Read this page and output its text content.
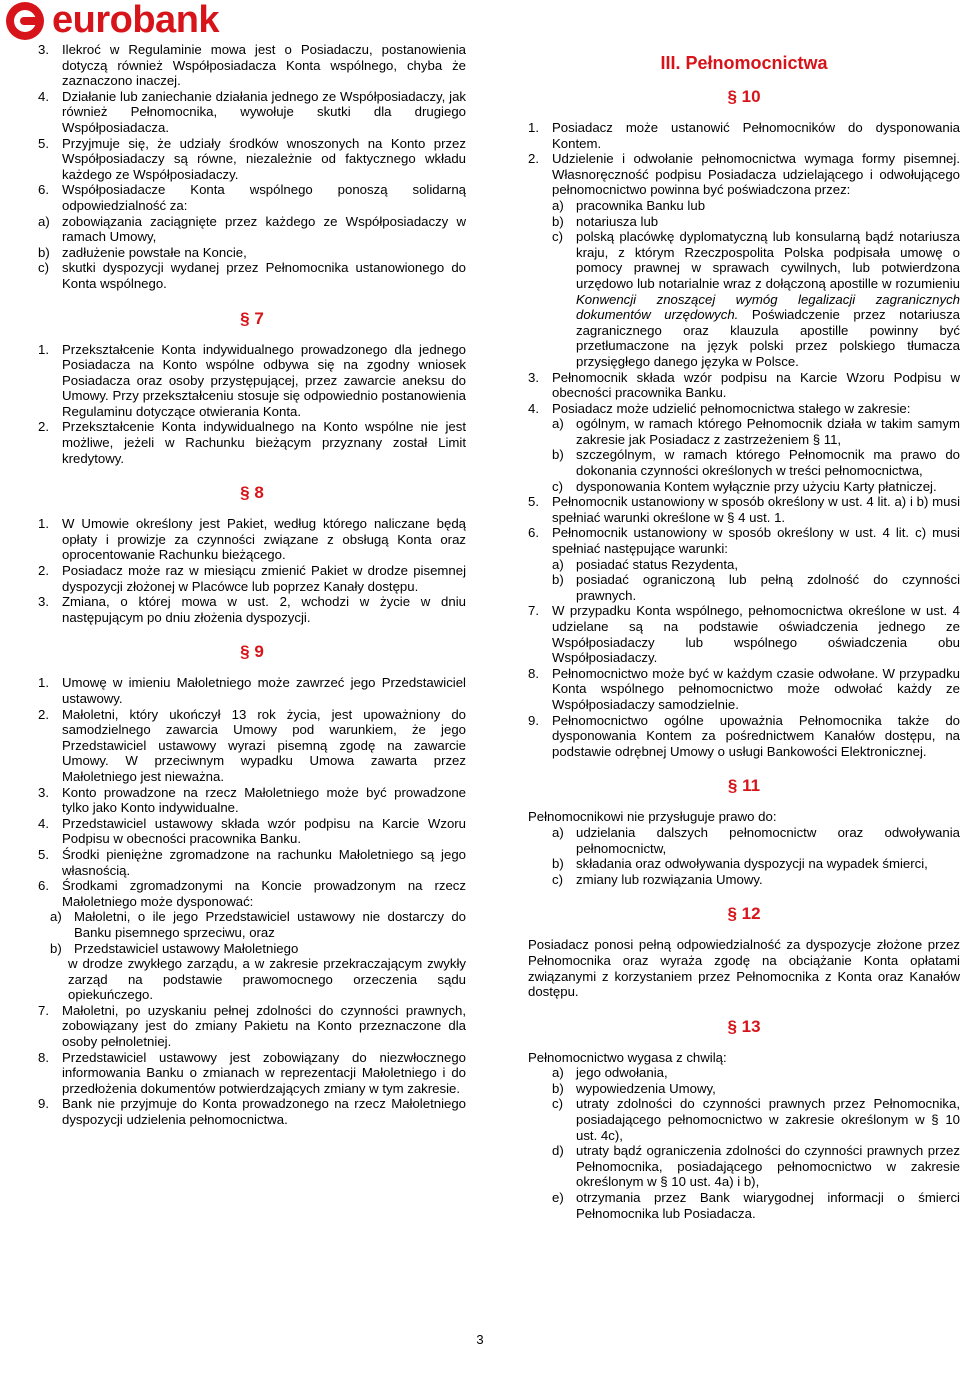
eurobank
3. Ilekroć w Regulaminie mowa jest o Posiadaczu, postanowienia dotyczą również Współposiadacza Konta wspólnego, chyba że zaznaczono inaczej.
4. Działanie lub zaniechanie działania jednego ze Współposiadaczy, jak również Pełnomocnika, wywołuje skutki dla drugiego Współposiadacza.
5. Przyjmuje się, że udziały środków wnoszonych na Konto przez Współposiadaczy są równe, niezależnie od faktycznego wkładu każdego ze Współposiadaczy.
6. Współposiadacze Konta wspólnego ponoszą solidarną odpowiedzialność za:
a) zobowiązania zaciągnięte przez każdego ze Współposiadaczy w ramach Umowy,
b) zadłużenie powstałe na Koncie,
c) skutki dyspozycji wydanej przez Pełnomocnika ustanowionego do Konta wspólnego.
§ 7
1. Przekształcenie Konta indywidualnego prowadzonego dla jednego Posiadacza na Konto wspólne odbywa się na zgodny wniosek Posiadacza oraz osoby przystępującej, przez zawarcie aneksu do Umowy. Przy przekształceniu stosuje się odpowiednio postanowienia Regulaminu dotyczące otwierania Konta.
2. Przekształcenie Konta indywidualnego na Konto wspólne nie jest możliwe, jeżeli w Rachunku bieżącym przyznany został Limit kredytowy.
§ 8
1. W Umowie określony jest Pakiet, według którego naliczane będą opłaty i prowizje za czynności związane z obsługą Konta oraz oprocentowanie Rachunku bieżącego.
2. Posiadacz może raz w miesiącu zmienić Pakiet w drodze pisemnej dyspozycji złożonej w Placówce lub poprzez Kanały dostępu.
3. Zmiana, o której mowa w ust. 2, wchodzi w życie w dniu następującym po dniu złożenia dyspozycji.
§ 9
1. Umowę w imieniu Małoletniego może zawrzeć jego Przedstawiciel ustawowy.
2. Małoletni, który ukończył 13 rok życia, jest upoważniony do samodzielnego zawarcia Umowy pod warunkiem, że jego Przedstawiciel ustawowy wyrazi pisemną zgodę na zawarcie Umowy. W przeciwnym wypadku Umowa zawarta przez Małoletniego jest nieważna.
3. Konto prowadzone na rzecz Małoletniego może być prowadzone tylko jako Konto indywidualne.
4. Przedstawiciel ustawowy składa wzór podpisu na Karcie Wzoru Podpisu w obecności pracownika Banku.
5. Środki pieniężne zgromadzone na rachunku Małoletniego są jego własnością.
6. Środkami zgromadzonymi na Koncie prowadzonym na rzecz Małoletniego może dysponować:
a) Małoletni, o ile jego Przedstawiciel ustawowy nie dostarczy do Banku pisemnego sprzeciwu, oraz
b) Przedstawiciel ustawowy Małoletniego

w drodze zwykłego zarządu, a w zakresie przekraczającym zwykły zarząd na podstawie prawomocnego orzeczenia sądu opiekuńczego.

7. Małoletni, po uzyskaniu pełnej zdolności do czynności prawnych, zobowiązany jest do zmiany Pakietu na Konto przeznaczone dla osoby pełnoletniej.
8. Przedstawiciel ustawowy jest zobowiązany do niezwłocznego informowania Banku o zmianach w reprezentacji Małoletniego i do przedłożenia dokumentów potwierdzających zmiany w tym zakresie.
9. Bank nie przyjmuje do Konta prowadzonego na rzecz Małoletniego dyspozycji udzielenia pełnomocnictwa.
III. Pełnomocnictwa
§ 10
1. Posiadacz może ustanowić Pełnomocników do dysponowania Kontem.
2. Udzielenie i odwołanie pełnomocnictwa wymaga formy pisemnej. Własnoręczność podpisu Posiadacza udzielającego i odwołującego pełnomocnictwo powinna być poświadczona przez:
a) pracownika Banku lub
b) notariusza lub
c) polską placówkę dyplomatyczną lub konsularną bądź notariusza kraju, z którym Rzeczpospolita Polska podpisała umowę o pomocy prawnej w sprawach cywilnych, lub potwierdzona urzędowo lub notarialnie wraz z dołączoną apostille w rozumieniu Konwencji znoszącej wymóg legalizacji zagranicznych dokumentów urzędowych. Poświadczenie przez notariusza zagranicznego oraz klauzula apostille powinny być przetłumaczone na język polski przez polskiego tłumacza przysięgłego danego języka w Polsce.
3. Pełnomocnik składa wzór podpisu na Karcie Wzoru Podpisu w obecności pracownika Banku.
4. Posiadacz może udzielić pełnomocnictwa stałego w zakresie:
a) ogólnym, w ramach którego Pełnomocnik działa w takim samym zakresie jak Posiadacz z zastrzeżeniem § 11,
b) szczególnym, w ramach którego Pełnomocnik ma prawo do dokonania czynności określonych w treści pełnomocnictwa,
c) dysponowania Kontem wyłącznie przy użyciu Karty płatniczej.
5. Pełnomocnik ustanowiony w sposób określony w ust. 4 lit. a) i b) musi spełniać warunki określone w § 4 ust. 1.
6. Pełnomocnik ustanowiony w sposób określony w ust. 4 lit. c) musi spełniać następujące warunki:
a) posiadać status Rezydenta,
b) posiadać ograniczoną lub pełną zdolność do czynności prawnych.
7. W przypadku Konta wspólnego, pełnomocnictwa określone w ust. 4 udzielane są na podstawie oświadczenia jednego ze Współposiadaczy lub wspólnego oświadczenia obu Współposiadaczy.
8. Pełnomocnictwo może być w każdym czasie odwołane. W przypadku Konta wspólnego pełnomocnictwo może odwołać każdy ze Współposiadaczy samodzielnie.
9. Pełnomocnictwo ogólne upoważnia Pełnomocnika także do dysponowania Kontem za pośrednictwem Kanałów dostępu, na podstawie odrębnej Umowy o usługi Bankowości Elektronicznej.
§ 11

Pełnomocnikowi nie przysługuje prawo do:

a) udzielania dalszych pełnomocnictw oraz odwoływania pełnomocnictw,
b) składania oraz odwoływania dyspozycji na wypadek śmierci,
c) zmiany lub rozwiązania Umowy.
§ 12

Posiadacz ponosi pełną odpowiedzialność za dyspozycje złożone przez Pełnomocnika oraz wyraża zgodę na obciążanie Konta opłatami związanymi z korzystaniem przez Pełnomocnika z Konta oraz Kanałów dostępu.

§ 13

Pełnomocnictwo wygasa z chwilą:

a) jego odwołania,
b) wypowiedzenia Umowy,
c) utraty zdolności do czynności prawnych przez Pełnomocnika, posiadającego pełnomocnictwo w zakresie określonym w § 10 ust. 4c),
d) utraty bądź ograniczenia zdolności do czynności prawnych przez Pełnomocnika, posiadającego pełnomocnictwo w zakresie określonym w § 10 ust. 4a) i b),
e) otrzymania przez Bank wiarygodnej informacji o śmierci Pełnomocnika lub Posiadacza.
3
